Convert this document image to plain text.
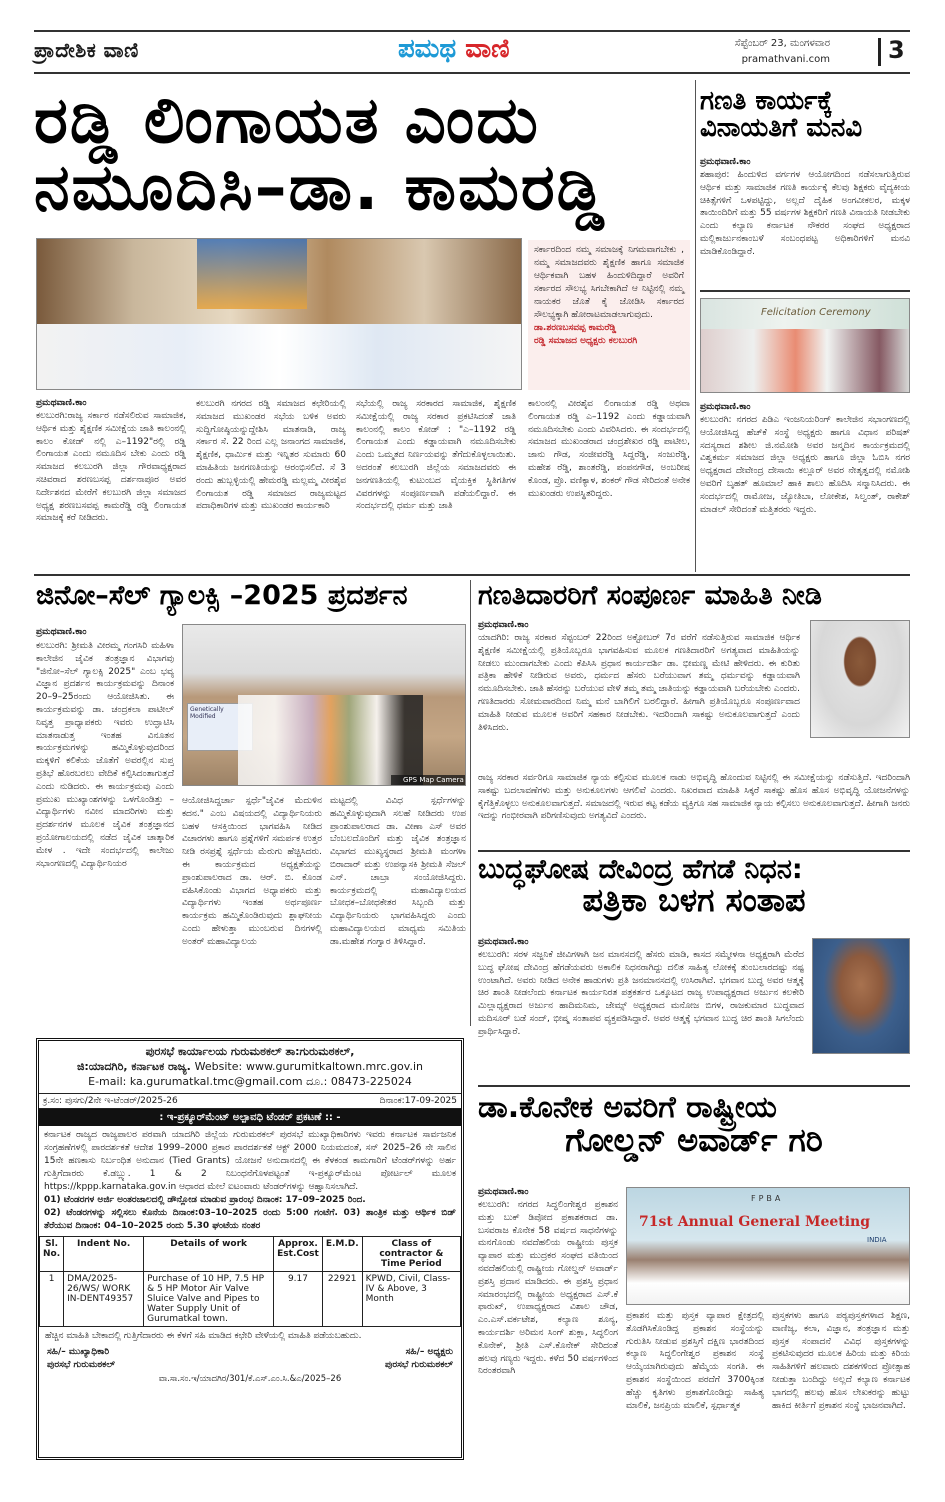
ಪ್ರಾದೇಶಿಕ ವಾಣಿ	ಪಮಥ ವಾಣಿ	ಸೆಪ್ಟೆಂಬರ್ 23, ಮಂಗಳವಾರ
pramathvani.com 3
ರಡ್ಡಿ ಲಿಂಗಾಯತ ಎಂದು
ನಮೂದಿಸಿ–ಡಾ. ಕಾಮರಡ್ಡಿ
ಸರ್ಕಾರದಿಂದ ನಮ್ಮ ಸಮಾಜಕ್ಕೆ ನಿಗಮವಾಗಬೇಕು , ನಮ್ಮ ಸಮಾಜದವರು ಶೈಕ್ಷಣಿಕ ಹಾಗೂ ಸಮಾಜಿಕ ಆರ್ಥಿಕವಾಗಿ ಬಹಳ ಹಿಂದುಳಿದಿದ್ದಾರೆ ಅವರಿಗೆ ಸರ್ಕಾರದ ಸೌಲಭ್ಯ ಸಿಗಬೇಕಾಗಿದೆ ಆ ನಿಟ್ಟಿನಲ್ಲಿ ನಮ್ಮ ನಾಯಕರ ಜೊತೆ ಕೈ ಜೋಡಿಸಿ ಸರ್ಕಾರದ ಸೌಲಭ್ಯಕ್ಕಾಗಿ ಹೋರಾಟಮಾಡಲಾಗುವುದು.
ಡಾ.ಶರಣಬಸವಪ್ಪ ಕಾಮರೆಡ್ಡಿ
ರಡ್ಡಿ ಸಮಾಜದ ಅಧ್ಯಕ್ಷರು ಕಲಬುರಗಿ
ಪ್ರಮಥವಾಣಿ.ಕಾಂ
ಕಲಬುರಗಿ:ರಾಜ್ಯ ಸರ್ಕಾರ ನಡೆಸಲಿರುವ ಸಾಮಾಜಿಕ, ಆರ್ಥಿಕ ಮತ್ತು ಶೈಕ್ಷಣಿಕ ಸಮೀಕ್ಷೆಯ ಜಾತಿ ಕಾಲಂನಲ್ಲಿ ಕಾಲಂ ಕೋಡ್ ನಲ್ಲಿ ಎ–1192"ರಲ್ಲಿ ರಡ್ಡಿ ಲಿಂಗಾಯತ ಎಂದು ನಮೂದಿಸ ಬೇಕು ಎಂದು ರಡ್ಡಿ ಸಮಾಜದ ಕಲಬುರಗಿ ಜಿಲ್ಲಾ ಗೌರವಾಧ್ಯಕ್ಷರಾದ ಸಚಿವರಾದ ಶರಣಬಸಪ್ಪ ದರ್ಶನಾಪೂರ ಅವರ ನಿರ್ದೇಶನದ ಮೇರೆಗೆ ಕಲಬುರಗಿ ಜಿಲ್ಲಾ ಸಮಾಜದ ಅಧ್ಯಕ್ಷ ಶರಣಬಸವಪ್ಪ ಕಾಮರೆಡ್ಡಿ ರಡ್ಡಿ ಲಿಂಗಾಯತ ಸಮಾಜಕ್ಕೆ ಕರೆ ನೀಡಿದರು.
ಕಲಬುರಗಿ ನಗರದ ರಡ್ಡಿ ಸಮಾಜದ ಕಛೇರಿಯಲ್ಲಿ ಸಮಾಜದ ಮುಖಂಡರ ಸಭೆಯ ಬಳಿಕ ಅವರು ಸುದ್ದಿಗೋಷ್ಠಿಯನ್ನುದ್ದೇಶಿಸಿ ಮಾತನಾಡಿ, ರಾಜ್ಯ ಸರ್ಕಾರ ಸೆ. 22 ರಿಂದ ಎಲ್ಲ ಜನಾಂಗದ ಸಾಮಾಜಿಕ, ಶೈಕ್ಷಣಿಕ, ಧಾರ್ಮಿಕ ಮತ್ತು ಇನ್ನಿತರ ಸುಮಾರು 60 ಮಾಹಿತಿಯ ಜನಗಣತಿಯನ್ನು ಆರಂಭಿಸಲಿದೆ. ಸೆ 3 ರಂದು ಹುಬ್ಬಳ್ಳಿಯಲ್ಲಿ ಹೇಮರಡ್ಡಿ ಮಲ್ಲಮ್ಮ ವೀರಶೈವ ಲಿಂಗಾಯತ ರಡ್ಡಿ ಸಮಾಜದ ರಾಜ್ಯಮಟ್ಟದ ಪದಾಧಿಕಾರಿಗಳ ಮತ್ತು ಮುಖಂಡರ ಕಾರ್ಯಕಾರಿ
ಸಭೆಯಲ್ಲಿ ರಾಜ್ಯ ಸರಕಾರದ ಸಾಮಾಜಿಕ, ಶೈಕ್ಷಣಿಕ ಸಮೀಕ್ಷೆಯಲ್ಲಿ ರಾಜ್ಯ ಸರಕಾರ ಪ್ರಕಟಿಸಿದಂತೆ ಜಾತಿ ಕಾಲಂನಲ್ಲಿ ಕಾಲಂ ಕೋಡ್ : "ಎ–1192 ರಡ್ಡಿ ಲಿಂಗಾಯತ ಎಂದು ಕಡ್ಡಾಯವಾಗಿ ನಮೂದಿಸಬೇಕು ಎಂದು ಒಮ್ಮತದ ನಿರ್ಣಯವನ್ನು ತೆಗೆದುಕೊಳ್ಳಲಾಯಿತು. ಅದರಂತೆ ಕಲಬುರಗಿ ಜಿಲ್ಲೆಯ ಸಮಾಜದವರು ಈ ಜನಗಣತಿಯಲ್ಲಿ ಕುಟುಂಬದ ವೈಯಕ್ತಿಕ ಸ್ಥಿತಿಗತಿಗಳ ವಿವರಗಳನ್ನು ಸಂಪೂರ್ಣವಾಗಿ ಪಡೆಯಲಿದ್ದಾರೆ. ಈ ಸಂದರ್ಭದಲ್ಲಿ ಧರ್ಮ ಮತ್ತು ಜಾತಿ
ಕಾಲಂನಲ್ಲಿ ವೀರಶೈವ ಲಿಂಗಾಯತ ರಡ್ಡಿ ಅಥವಾ ಲಿಂಗಾಯತ ರಡ್ಡಿ ಎ–1192 ಎಂದು ಕಡ್ಡಾಯವಾಗಿ ನಮೂದಿಸಬೇಕು ಎಂದು ವಿವರಿಸಿದರು. ಈ ಸಂದರ್ಭದಲ್ಲಿ ಸಮಾಜದ ಮುಖಂಡರಾದ ಚಂದ್ರಶೇಖರ ರಡ್ಡಿ ಪಾಟೀಲ, ಜಾನು ಗೌಡ, ಸಂಜೀವರೆಡ್ಡಿ ಸಿದ್ದರೆಡ್ಡಿ, ಸಂಜುರೆಡ್ಡಿ, ಮಹೇಶ ರೆಡ್ಡಿ, ಶಾಂತರೆಡ್ಡಿ, ಪಂಪನಗೌಡ, ಅಂಬರೀಷ ಕೊಂಡ, ಪ್ರೊ. ವಣಿಕ್ಯಾಳ, ಶಂಕರ್ ಗೌಡ ಸೇರಿದಂತೆ ಅನೇಕ ಮುಖಂಡರು ಉಪಸ್ಥಿತರಿದ್ದರು.
ಗಣತಿ ಕಾರ್ಯಕ್ಕೆ
ವಿನಾಯತಿಗೆ ಮನವಿ
ಪ್ರಮಥವಾಣಿ.ಕಾಂ
ಶಹಾಪುರ: ಹಿಂದುಳಿದ ವರ್ಗಗಳ ಆಯೋಗದಿಂದ ನಡೆಸಲಾಗುತ್ತಿರುವ ಆರ್ಥಿಕ ಮತ್ತು ಸಾಮಾಜಿಕ ಗಣತಿ ಕಾರ್ಯಕ್ಕೆ ಕೆಲವು ಶಿಕ್ಷಕರು ವೈದ್ಯಕೀಯ ಚಿಕಿತ್ಸೆಗಳಿಗೆ ಒಳಪಟ್ಟಿದ್ದು, ಅಲ್ಲದೆ ದೈಹಿಕ ಅಂಗವೀಕಲರ, ಮಕ್ಕಳ ತಾಯಿಂದಿರಿಗೆ ಮತ್ತು 55 ವರ್ಷಗಳ ಶಿಕ್ಷಕರಿಗೆ ಗಣತಿ ವಿನಾಯತಿ ನೀಡಬೇಕು ಎಂದು ಕಲ್ಯಾಣ ಕರ್ನಾಟಕ ನೌಕರರ ಸಂಘದ ಅಧ್ಯಕ್ಷರಾದ ಮಲ್ಲಿಕಾರ್ಜುನಕಾಂಬಳೆ ಸಂಬಂಧಪಟ್ಟ ಅಧಿಕಾರಿಗಳಿಗೆ ಮನವಿ ಮಾಡಿಕೊಂಡಿದ್ದಾರೆ.
Felicitation Ceremony
ಪ್ರಮಥವಾಣಿ.ಕಾಂ
ಕಲಬುರಗಿ: ನಗರದ ಪಿಡಿಎ ಇಂಜನಿಯರಿಂಗ್ ಕಾಲೇಜಿನ ಸಭಾಂಗಣದಲ್ಲಿ ಆಯೋಜಿಸಿದ್ದ ಹೆಚ್‌ಕೆ ಸಂಸ್ಥೆ ಅಧ್ಯಕ್ಷರು ಹಾಗೂ ವಿಧಾನ ಪರಿಷತ್ ಸದಸ್ಯರಾದ ಶಶೀಲ ಜಿ.ನಮೋಶಿ ಅವರ ಜನ್ಮದಿನ ಕಾರ್ಯಕ್ರಮದಲ್ಲಿ ವಿಶ್ವಕರ್ಮ ಸಮಾಜದ ಜಿಲ್ಲಾ ಅಧ್ಯಕ್ಷರು ಹಾಗೂ ಜಿಲ್ಲಾ ಓಬಿಸಿ ನಗರ ಅಧ್ಯಕ್ಷರಾದ ದೇವೇಂದ್ರ ದೇಸಾಯಿ ಕಲ್ಲೂರ್ ಅವರ ನೇತೃತ್ವದಲ್ಲಿ ನಮೋಶಿ ಅವರಿಗೆ ಬೃಹತ್ ಹೂಮಾಲೆ ಹಾಕಿ ಶಾಲು ಹೊದಿಸಿ ಸನ್ಮಾನಿಸಿದರು. ಈ ಸಂದರ್ಭದಲ್ಲಿ ರಾಮೋಜ, ಜ್ಯೋತಿಬಾ, ಲೋಕೇಶ, ಸಿಲ್ವಂತ್, ರಾಕೇಶ್ ಮಾಡಲ್ ಸೇರಿದಂತೆ ಮತ್ತಿತರರು ಇದ್ದರು.
ಜಿನೋ–ಸೆಲ್ ಗ್ಯಾಲಕ್ಸಿ –2025 ಪ್ರದರ್ಶನ
ಪ್ರಮಥವಾಣಿ.ಕಾಂ
ಕಲಬುರಗಿ: ಶ್ರೀಮತಿ ವೀರಮ್ಮ ಗಂಗಸಿರಿ ಮಹಿಳಾ ಕಾಲೇಜಿನ ಜೈವಿಕ ತಂತ್ರಜ್ಞಾನ ವಿಭಾಗವು "ಜಿನೋ–ಸೆಲ್ ಗ್ಯಾಲಕ್ಸಿ 2025" ಎಂಬ ಭವ್ಯ ವಿಜ್ಞಾನ ಪ್ರದರ್ಶನ ಕಾರ್ಯಕ್ರಮವನ್ನು ದಿನಾಂಕ 20–9–25ರಂದು ಆಯೋಜಿಸಿತು. ಈ ಕಾರ್ಯಕ್ರಮವನ್ನು ಡಾ. ಚಂದ್ರಕಲಾ ಪಾಟೀಲ್ ನಿವೃತ್ತ ಪ್ರಾಧ್ಯಾಪಕರು ಇವರು ಉದ್ಘಾಟಿಸಿ ಮಾತನಾಡುತ್ತ ಇಂತಹ ವಿನೂತನ ಕಾರ್ಯಕ್ರಮಗಳನ್ನು ಹಮ್ಮಿಕೊಳ್ಳುವುದರಿಂದ ಮಕ್ಕಳಿಗೆ ಕಲಿಕೆಯ ಜೊತೆಗೆ ಅವರಲ್ಲಿನ ಸುಪ್ತ ಪ್ರತಿಭೆ ಹೊರಬರಲು ವೇದಿಕೆ ಕಲ್ಪಿಸಿದಂತಾಗುತ್ತದೆ ಎಂದು ನುಡಿದರು. ಈ ಕಾರ್ಯಕ್ರಮವು ಎಂದು ಪ್ರಮುಖ ಮುಖ್ಯಾಂಶಗಳನ್ನು ಒಳಗೊಂಡಿತ್ತು – ವಿದ್ಯಾರ್ಥಿಗಳು ನವೀನ ಮಾದರಿಗಳು ಮತ್ತು ಪ್ರದರ್ಶನಗಳ ಮೂಲಕ ಜೈವಿಕ ತಂತ್ರಜ್ಞಾನದ ಪ್ರಯೋಗಾಲಯದಲ್ಲಿ ನಡೆದ ಜೈವಿಕ ಚಾತ್ಕಾರಿಕ ಮೇಳ . ಇದೇ ಸಂದರ್ಭದಲ್ಲಿ ಕಾಲೇಜು ಸಭಾಂಗಣದಲ್ಲಿ ವಿದ್ಯಾರ್ಥಿನಿಯರ
Genetically Modified
GPS Map Camera
ಆಯೋಜಿಸಿದ್ದರ್ಚಾ ಸ್ಪರ್ಧೆ"ಜೈವಿಕ ಮೆದುಳಿನ ಕದನ." ಎಂಬ ವಿಷಯದಲ್ಲಿ ವಿದ್ಯಾರ್ಥಿನಿಯರು ಬಹಳ ಆಸಕ್ತಿಯಿಂದ ಭಾಗವಹಿಸಿ ನೀಡಿದ ವಿಚಾರಗಳು ಹಾಗೂ ಪ್ರಶ್ನೆಗಳಿಗೆ ಸಮರ್ಪಕ ಉತ್ತರ ನೀಡಿ ರಸಪ್ರಶ್ನೆ ಸ್ಪರ್ಧೆಯ ಮೆರುಗು ಹೆಚ್ಚಿಸಿದರು. ಈ ಕಾರ್ಯಕ್ರಮದ ಅಧ್ಯಕ್ಷತೆಯನ್ನು ಪ್ರಾಂಶುಪಾಲರಾದ ಡಾ. ಆರ್. ಬಿ. ಕೊಂಡ ವಹಿಸಿಕೊಂಡು ವಿಭಾಗದ ಅಧ್ಯಾಪಕರು ಮತ್ತು ವಿದ್ಯಾರ್ಥಿಗಳು ಇಂತಹ ಅರ್ಥಪೂರ್ಣ ಕಾರ್ಯಕ್ರಮ ಹಮ್ಮಿಕೊಂಡಿರುವುದು ಶ್ಲಾಘನೀಯ ಎಂದು ಹೇಳುತ್ತಾ ಮುಂಬರುವ ದಿನಗಳಲ್ಲಿ ಅಂತರ್ ಮಹಾವಿದ್ಯಾಲಯ
ಮಟ್ಟದಲ್ಲಿ ವಿವಿಧ ಸ್ಪರ್ಧೆಗಳನ್ನು ಹಮ್ಮಿಕೊಳ್ಳುವುದಾಗಿ ಸಲಹೆ ನೀಡಿದರು ಉಪ ಪ್ರಾಂಶುಪಾಲರಾದ ಡಾ. ವೀಣಾ ಎಸ್ ಅವರ ಬೆಂಬಲದೊಂದಿಗೆ ಮತ್ತು ಜೈವಿಕ ತಂತ್ರಜ್ಞಾನ ವಿಭಾಗದ ಮುಖ್ಯಸ್ಥರಾದ ಶ್ರೀಮತಿ ಮಂಗಳಾ ಬಿರಾದಾರ್ ಮತ್ತು ಉಪನ್ಯಾಸಕಿ ಶ್ರೀಮತಿ ಸೆಜಲ್ ಎನ್. ಚಾಬ್ರಾ ಸಂಯೋಜಿಸಿದ್ದರು. ಕಾರ್ಯಕ್ರಮದಲ್ಲಿ ಮಹಾವಿದ್ಯಾಲಯದ ಬೋಧಕ–ಬೋಧಕೇತರ ಸಿಬ್ಬಂದಿ ಮತ್ತು ವಿದ್ಯಾರ್ಥಿನಿಯರು ಭಾಗವಹಿಸಿದ್ದರು ಎಂದು ಮಹಾವಿದ್ಯಾಲಯದ ಮಾಧ್ಯಮ ಸಮಿತಿಯ ಡಾ.ಮಹೇಶ ಗಂಗ್ವಾರ ತಿಳಿಸಿದ್ದಾರೆ.
ಗಣತಿದಾರರಿಗೆ ಸಂಪೂರ್ಣ ಮಾಹಿತಿ ನೀಡಿ
ಪ್ರಮಥವಾಣಿ.ಕಾಂ
ಯಾದಗಿರಿ: ರಾಜ್ಯ ಸರಕಾರ ಸೆಪ್ಟಂಬರ್ 22ರಿಂದ ಅಕ್ಟೋಬರ್ 7ರ ವರೆಗೆ ನಡೆಸುತ್ತಿರುವ ಸಾಮಾಜಿಕ ಆರ್ಥಿಕ ಶೈಕ್ಷಣಿಕ ಸಮೀಕ್ಷೆಯಲ್ಲಿ ಪ್ರತಿಯೊಬ್ಬರೂ ಭಾಗವಹಿಸುವ ಮೂಲಕ ಗಣತಿದಾರರಿಗೆ ಅಗತ್ಯವಾದ ಮಾಹಿತಿಯನ್ನು ನೀಡಲು ಮುಂದಾಗಬೇಕು ಎಂದು ಕೆಪಿಸಿಸಿ ಪ್ರಧಾನ ಕಾರ್ಯದರ್ಶಿ ಡಾ. ಭೀಮಣ್ಣ ಮೇಟಿ ಹೇಳಿದರು. ಈ ಕುರಿತು ಪತ್ರಿಕಾ ಹೇಳಿಕೆ ನೀಡಿರುವ ಅವರು, ಧರ್ಮದ ಹೆಸರು ಬರೆಯುವಾಗ ತಮ್ಮ ಧರ್ಮವನ್ನು ಕಡ್ಡಾಯವಾಗಿ ನಮೂದಿಸಬೇಕು. ಜಾತಿ ಹೆಸರನ್ನು ಬರೆಯುವ ವೇಳೆ ತಮ್ಮ ತಮ್ಮ ಜಾತಿಯನ್ನು ಕಡ್ಡಾಯವಾಗಿ ಬರೆಯಬೇಕು ಎಂದರು. ಗಣತಿದಾರರು ಸೋಮವಾರದಿಂದ ನಿಮ್ಮ ಮನೆ ಬಾಗಿಲಿಗೆ ಬರಲಿದ್ದಾರೆ. ಹೀಗಾಗಿ ಪ್ರತಿಯೊಬ್ಬರೂ ಸಂಪೂರ್ಣವಾದ ಮಾಹಿತಿ ನೀಡುವ ಮೂಲಕ ಅವರಿಗೆ ಸಹಕಾರ ನೀಡಬೇಕು. ಇದರಿಂದಾಗಿ ಸಾಕಷ್ಟು ಅನುಕೂಲವಾಗುತ್ತದೆ ಎಂದು ತಿಳಿಸಿದರು.
ರಾಜ್ಯ ಸರಕಾರ ಸರ್ವರಿಗೂ ಸಾಮಾಜಿಕ ನ್ಯಾಯ ಕಲ್ಪಿಸುವ ಮೂಲಕ ನಾಡು ಅಭಿವೃದ್ಧಿ ಹೊಂದುವ ನಿಟ್ಟಿನಲ್ಲಿ ಈ ಸಮೀಕ್ಷೆಯನ್ನು ನಡೆಸುತ್ತಿದೆ. ಇದರಿಂದಾಗಿ ಸಾಕಷ್ಟು ಬದಲಾವಣೆಗಳು ಮತ್ತು ಅನುಕೂಲಗಳು ಆಗಲಿವೆ ಎಂದರು. ನಿಖರವಾದ ಮಾಹಿತಿ ಸಿಕ್ಕರೆ ಸಾಕಷ್ಟು ಹೊಸ ಹೊಸ ಅಭಿವೃದ್ಧಿ ಯೋಜನೆಗಳನ್ನು ಕೈಗೆತ್ತಿಕೊಳ್ಳಲು ಅನುಕೂಲವಾಗುತ್ತದೆ. ಸಮಾಜದಲ್ಲಿ ಇರುವ ಕಟ್ಟ ಕಡೆಯ ವ್ಯಕ್ತಿಗೂ ಸಹ ಸಾಮಾಜಿಕ ನ್ಯಾಯ ಕಲ್ಪಿಸಲು ಅನುಕೂಲವಾಗುತ್ತದೆ. ಹೀಗಾಗಿ ಜನರು ಇದನ್ನು ಗಂಭೀರವಾಗಿ ಪರಿಗಣಿಸುವುದು ಅಗತ್ಯವಿದೆ ಎಂದರು.
ಬುದ್ಧಘೋಷ ದೇವಿಂದ್ರ ಹೆಗಡೆ ನಿಧನ:
ಪತ್ರಿಕಾ ಬಳಗ ಸಂತಾಪ
ಪ್ರಮಥವಾಣಿ.ಕಾಂ
ಕಲಬುರಗಿ: ಸರಳ ಸಜ್ಜನಿಕೆ ಜೀವಿಗಳಾಗಿ ಜನ ಮಾನಸದಲ್ಲಿ ಹೆಸರು ಮಾಡಿ, ಕಾಸದ ಸಮ್ಮೇಳನಾ ಅಧ್ಯಕ್ಷರಾಗಿ ಮೆರೆದ ಬುದ್ಧ ಘೋಷ ದೇವಿಂದ್ರ ಹೆಗಡೆಯವರು ಅಕಾಲಿಕ ನಿಧನರಾಗಿದ್ದು ದಲಿತ ಸಾಹಿತ್ಯ ಲೋಕಕ್ಕೆ ತುಂಬಲಾರದಷ್ಟು ನಷ್ಟ ಉಂಟಾಗಿದೆ. ಅವರು ನೀಡಿದ ಅನೇಕ ಹಾಡುಗಳು ಪ್ರತಿ ಜನಮಾನಸದಲ್ಲಿ ಉಸಿರಾಗಿವೆ. ಭಗವಾನ ಬುದ್ಧ ಅವರ ಆತ್ಮಕ್ಕೆ ಚಿರ ಶಾಂತಿ ನೀಡಲೆಂದು ಕರ್ನಾಟಕ ಕಾರ್ಯನಿರತ ಪತ್ರಕರ್ತರ ಒಕ್ಕೂಟದ ರಾಜ್ಯ ಉಪಾಧ್ಯಕ್ಷರಾದ ಅರ್ಜುನ ಕಲಕೇರಿ ಮಿಲ್ಲಾಧ್ಯಕ್ಷರಾದ ಅರ್ಜುನ ಹಾದಿಮನಿಮ, ಜೇಮ್ಸ್ ಅಧ್ಯಕ್ಷರಾದ ಮನೋಜ ಬಿಗಳ, ರಾಜಕುಮಾರ ಬುದ್ಧವಾದ ಮದಿಸೂರ್ ಬಡೆ ಸಂದ್, ಭೀಷ್ಮ ಸಂತಾಪವ ವ್ಯಕ್ತಪಡಿಸಿದ್ದಾರೆ. ಅವರ ಆತ್ಮಕ್ಕೆ ಭಗವಾನ ಬುದ್ಧ ಚಿರ ಶಾಂತಿ ಸಿಗಲೆಂದು ಪ್ರಾರ್ಥಿಸಿದ್ದಾರೆ.
ಡಾ.ಕೊನೇಕ ಅವರಿಗೆ ರಾಷ್ಟ್ರೀಯ
ಗೋಲ್ಡನ್ ಅವಾರ್ಡ್ ಗರಿ
ಪ್ರಮಥವಾಣಿ.ಕಾಂ
ಕಲಬುರಗಿ: ನಗರದ ಸಿದ್ಧಲಿಂಗೇಶ್ವರ ಪ್ರಕಾಶನ ಮತ್ತು ಬುಕ್ ಡಿಪೋದ ಪ್ರಕಾಶಕರಾದ ಡಾ. ಬಸವರಾಜ ಕೊನೇಕ 58 ವರ್ಷದ ಸಾಧನೆಗಳನ್ನು ಮನಗೊಂಡು ನವದೆಹಲಿಯ ರಾಷ್ಟ್ರೀಯ ಪುಸ್ತಕ ವ್ಯಾಪಾರ ಮತ್ತು ಮುದ್ರಕರ ಸಂಘದ ವತಿಯಿಂದ ನವದೆಹಲಿಯಲ್ಲಿ ರಾಷ್ಟ್ರೀಯ ಗೋಲ್ಡನ್ ಅವಾರ್ಡ್ ಪ್ರಶಸ್ತಿ ಪ್ರದಾನ ಮಾಡಿದರು. ಈ ಪ್ರಶಸ್ತಿ ಪ್ರಧಾನ ಸಮಾರಂಭದಲ್ಲಿ ರಾಷ್ಟ್ರೀಯ ಅಧ್ಯಕ್ಷರಾದ ಎಸ್.ಕೆ ಫಾರುಖ್, ಉಪಾಧ್ಯಕ್ಷರಾದ ವಿಶಾಲ ಚೌಡ, ಎಂ.ಎಸ್.ವರ್ಕಟೇಶ, ಕಲ್ಯಾಣ ಶೂನ್ಯ, ಕಾರ್ಯದರ್ಶಿ ಅರಿಮನ ಸಿಂಗ್ ಶುಕ್ಲಾ, ಸಿದ್ಧಲಿಂಗ ಕೊನೇಕ್, ಶ್ರೀತಿ ಎಸ್.ಕೊನೇಕ್ ಸೇರಿದಂತೆ ಹಲವು ಗಣ್ಯರು ಇದ್ದರು. ಕಳೆದ 50 ವರ್ಷಗಳಿಂದ ನಿರಂತರವಾಗಿ
FPBA
71st Annual General Meeting
INDIA
ಪ್ರಕಾಶನ ಮತ್ತು ಪುಸ್ತಕ ವ್ಯಾಪಾರ ಕ್ಷೇತ್ರದಲ್ಲಿ ತೊಡಗಿಸಿಕೊಂಡಿದ್ದ ಪ್ರಕಾಶನ ಸಂಸ್ಥೆಯನ್ನು ಗುರುತಿಸಿ ನೀಡುವ ಪ್ರಶಸ್ತಿಗೆ ದಕ್ಷಿಣ ಭಾರತದಿಂದ ಕಲ್ಯಾಣ ಸಿದ್ಧಲಿಂಗೇಶ್ವರ ಪ್ರಕಾಶನ ಸಂಸ್ಥೆ ಆಯ್ಕೆಯಾಗಿರುವುದು ಹೆಮ್ಮೆಯ ಸಂಗತಿ. ಈ ಪ್ರಕಾಶನ ಸಂಸ್ಥೆಯಿಂದ ಪರದೆಗೆ 3700ಕ್ಕಿಂತ ಹೆಚ್ಚು ಕೃತಿಗಳು ಪ್ರಕಾಶಗೊಂಡಿದ್ದು ಸಾಹಿತ್ಯ ಮಾಲಿಕೆ, ಜನಪ್ರಿಯ ಮಾಲಿಕೆ, ಸ್ಪರ್ಧಾತ್ಮಕ
ಪುಸ್ತಕಗಳು ಹಾಗೂ ಪಠ್ಯಪುಸ್ತಕಗಳಾದ ಶಿಕ್ಷಣ, ವಾಣಿಜ್ಯ, ಕಲಾ, ವಿಜ್ಞಾನ, ತಂತ್ರಜ್ಞಾನ ಮತ್ತು ಪುಸ್ತಕ ಸಂಪಾದನೆ ವಿವಿಧ ಪುಸ್ತಕಗಳನ್ನು ಪ್ರಕಟಿಸುವುದರ ಮೂಲಕ ಹಿರಿಯ ಮತ್ತು ಕಿರಿಯ ಸಾಹಿತಿಗಳಿಗೆ ಹಲವಾರು ದಶಕಗಳಿಂದ ಪ್ರೋತ್ಸಾಹ ನೀಡುತ್ತಾ ಬಂದಿದ್ದು ಅಲ್ಲದೆ ಕಲ್ಯಾಣ ಕರ್ನಾಟಕ ಭಾಗದಲ್ಲಿ ಹಲವು ಹೊಸ ಲೇಖಕರನ್ನು ಹುಟ್ಟು ಹಾಕಿದ ಕೀರ್ತಿಗೆ ಪ್ರಕಾಶನ ಸಂಸ್ಥೆ ಭಾಜನವಾಗಿದೆ.
ಪುರಸಭೆ ಕಾರ್ಯಾಲಯ ಗುರುಮಠಕಲ್ ತಾ:ಗುರುಮಠಕಲ್,
ಜಿ:ಯಾದಗಿರಿ, ಕರ್ನಾಟಕ ರಾಜ್ಯ. Website: www.gurumitkaltown.mrc.gov.in
E-mail: ka.gurumatkal.tmc@gmail.com ದೂ.: 08473-225024
ಕ್ರ.ಸಂ: ಪುಸಗು/2ನೇ ಇ-ಟೆಂಡರ್/2025-26	ದಿನಾಂಕ:17-09-2025
: ಇ-ಪ್ರಕ್ಯೂರ್‌ಮೆಂಟ್ ಅಲ್ಪಾವಧಿ ಟೆಂಡರ್ ಪ್ರಕಟಣೆ :: -
ಕರ್ನಾಟಕ ರಾಜ್ಯದ ರಾಜ್ಯಪಾಲರ ಪರವಾಗಿ ಯಾದಗಿರಿ ಜಿಲ್ಲೆಯ ಗುರುಮಠಕಲ್ ಪುರಸಭೆ ಮುಖ್ಯಾಧಿಕಾರಿಗಳು ಇವರು ಕರ್ನಾಟಕ ಸಾರ್ವಜನಿಕ ಸಂಗ್ರಹಣೆಗಳಲ್ಲಿ ಪಾರದರ್ಶಕತೆ ಆದೇಶ 1999–2000 ಪ್ರಕಾರ ಪಾರದರ್ಶಕತೆ ಆಕ್ಟ್ 2000 ನಿಯಮದಂತೆ, ಸನ್ 2025–26 ನೇ ಸಾಲಿನ 15ನೇ ಹಣಕಾಸು ನಿರ್ಬಂಧಿತ ಅನುದಾನ (Tied Grants) ಯೋಜನೆ ಅನುದಾನದಲ್ಲಿ ಈ ಕೆಳಕಂಡ ಕಾಮಗಾರಿಗೆ ಟೆಂಡರ್‌ಗಳನ್ನು ಅರ್ಹ ಗುತ್ತಿಗೆದಾರರು ಕೆ.ಡಬ್ಲ್ಯು. 1 & 2 ನಿಬಂಧನೆಗೊಳಪಟ್ಟಂತೆ ಇ-ಪ್ರಕ್ಯೂರ್‌ಮೆಂಟ ಪೋರ್ಟಲ್ ಮೂಲಕ https://kppp.karnataka.gov.in ಆಧಾರದ ಮೇಲೆ ಐಟಂವಾರು ಟೆಂಡರ್‌ಗಳನ್ನು ಆಹ್ವಾನಿಸಲಾಗಿದೆ.
01) ಟೆಂಡರಗಳ ಅರ್ಜಿ ಅಂತರಜಾಲದಲ್ಲಿ ಡೌನ್ಲೋಡ ಮಾಡುವ ಪ್ರಾರಂಭ ದಿನಾಂಕ: 17–09–2025 ರಿಂದ.
02) ಟೆಂಡರಗಳನ್ನು ಸಲ್ಲಿಸಲು ಕೊನೆಯ ದಿನಾಂಕ:03–10–2025 ರಂದು 5:00 ಗಂಟೆಗೆ. 03) ತಾಂತ್ರಿಕ ಮತ್ತು ಆರ್ಥಿಕ ಬಿಡ್ ತೆರೆಯುವ ದಿನಾಂಕ: 04–10–2025 ರಂದು 5.30 ಘಂಟೆಯ ನಂತರ
Sl. No.	Indent No.	Details of work	Approx. Est.Cost	E.M.D.	Class of contractor & Time Period
1	DMA/2025-26/WS/ WORK IN-DENT49357	Purchase of 10 HP, 7.5 HP & 5 HP Motor Air Valve Sluice Valve and Pipes to Water Supply Unit of Gurumatkal town.	9.17	22921	KPWD, Civil, Class-IV & Above, 3 Month
ಹೆಚ್ಚಿನ ಮಾಹಿತಿ ಬೇಕಾದಲ್ಲಿ ಗುತ್ತಿಗೆದಾರರು ಈ ಕೆಳಗೆ ಸಹಿ ಮಾಡಿದ ಕಛೇರಿ ವೇಳೆಯಲ್ಲಿ ಮಾಹಿತಿ ಪಡೆಯಬಹುದು.
ಸಹಿ/– ಮುಖ್ಯಾಧಿಕಾರಿ
ಪುರಸಭೆ ಗುರುಮಠಕಲ್
ಸಹಿ/– ಅಧ್ಯಕ್ಷರು
ಪುರಸಭೆ ಗುರುಮಠಕಲ್
ವಾ.ಸಾ.ಸಂ.ಇ/ಯಾದಗಿರ/301/ಕೆ.ಎಸ್.ಎಂ.ಸಿ.&ಎ/2025–26
